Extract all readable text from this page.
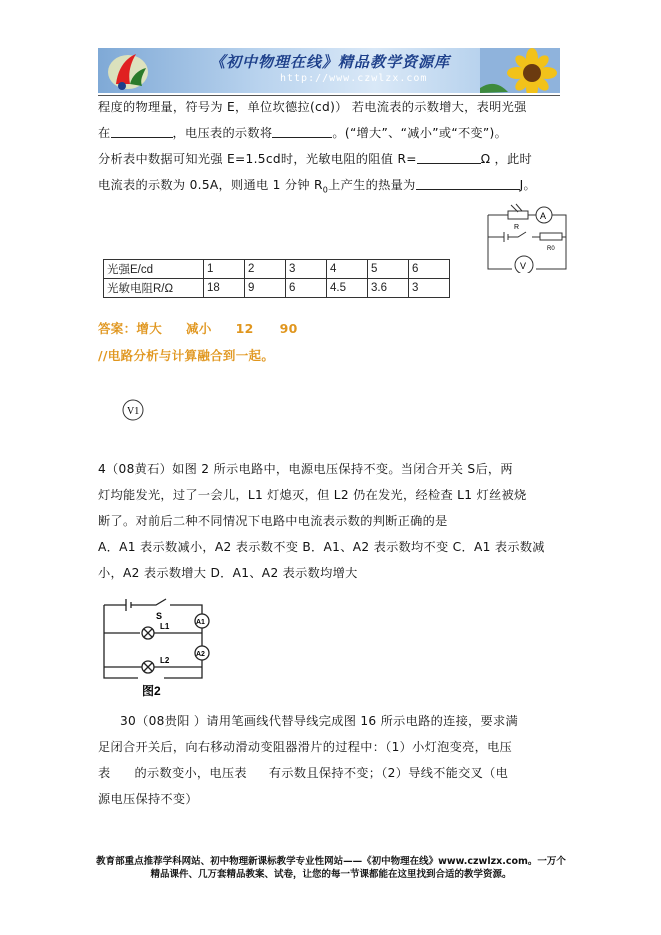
《初中物理在线》精品教学资源库
http://www.czwlzx.com
程度的物理量，符号为 E，单位坎德拉(cd)） 若电流表的示数增大，表明光强
在	，电压表的示数将	。(“增大”、“减小”或“不变”)。
分析表中数据可知光强 E=1.5cd时，光敏电阻的阻值 R=	Ω ，此时
电流表的示数为 0.5A，则通电 1 分钟 $R_0$上产生的热量为	J。
A
R
R0
V
光强E/cd	1	2	3	4	5	6
光敏电阻R/Ω	18	9	6	4.5	3.6	3
答案：增大 减小 12 90
//电路分析与计算融合到一起。
V1
4（08黄石）如图 2 所示电路中，电源电压保持不变。当闭合开关 S后，两
灯均能发光，过了一会儿，L1 灯熄灭，但 L2 仍在发光，经检查 L1 灯丝被烧
断了。对前后二种不同情况下电路中电流表示数的判断正确的是
A．A1 表示数减小，A2 表示数不变 B．A1、A2 表示数均不变 C．A1 表示数减
小，A2 表示数增大 D．A1、A2 表示数均增大
S
L1
L2
A1
A2
图2
30（08贵阳 ）请用笔画线代替导线完成图 16 所示电路的连接，要求满
足闭合开关后，向右移动滑动变阻器滑片的过程中：（1）小灯泡变亮，电压
表 的示数变小，电压表 有示数且保持不变；（2）导线不能交叉（电
源电压保持不变）
教育部重点推荐学科网站、初中物理新课标教学专业性网站——《初中物理在线》www.czwlzx.com。一万个
精品课件、几万套精品教案、试卷，让您的每一节课都能在这里找到合适的教学资源。
